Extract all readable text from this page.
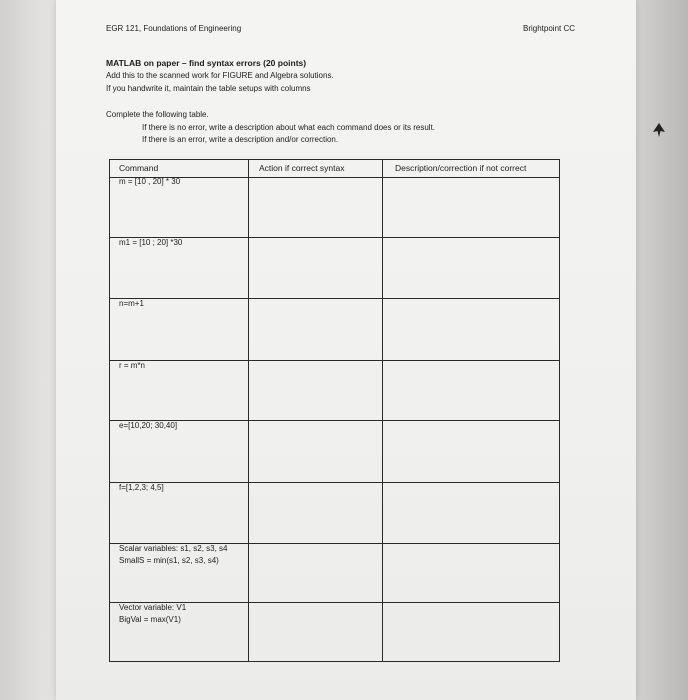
EGR 121, Foundations of Engineering	Brightpoint CC
MATLAB on paper – find syntax errors (20 points)
Add this to the scanned work for FIGURE and Algebra solutions.
If you handwrite it, maintain the table setups with columns
Complete the following table.
If there is no error, write a description about what each command does or its result.
If there is an error, write a description and/or correction.
Command	Action if correct syntax	Description/correction if not correct
m = [10 , 20] * 30
m1 = [10 ; 20] *30
n=m+1
r = m*n
e=[10,20; 30,40]
f=[1,2,3; 4,5]
Scalar variables: s1, s2, s3, s4
SmallS = min(s1, s2, s3, s4)
Vector variable: V1
BigVal = max(V1)
